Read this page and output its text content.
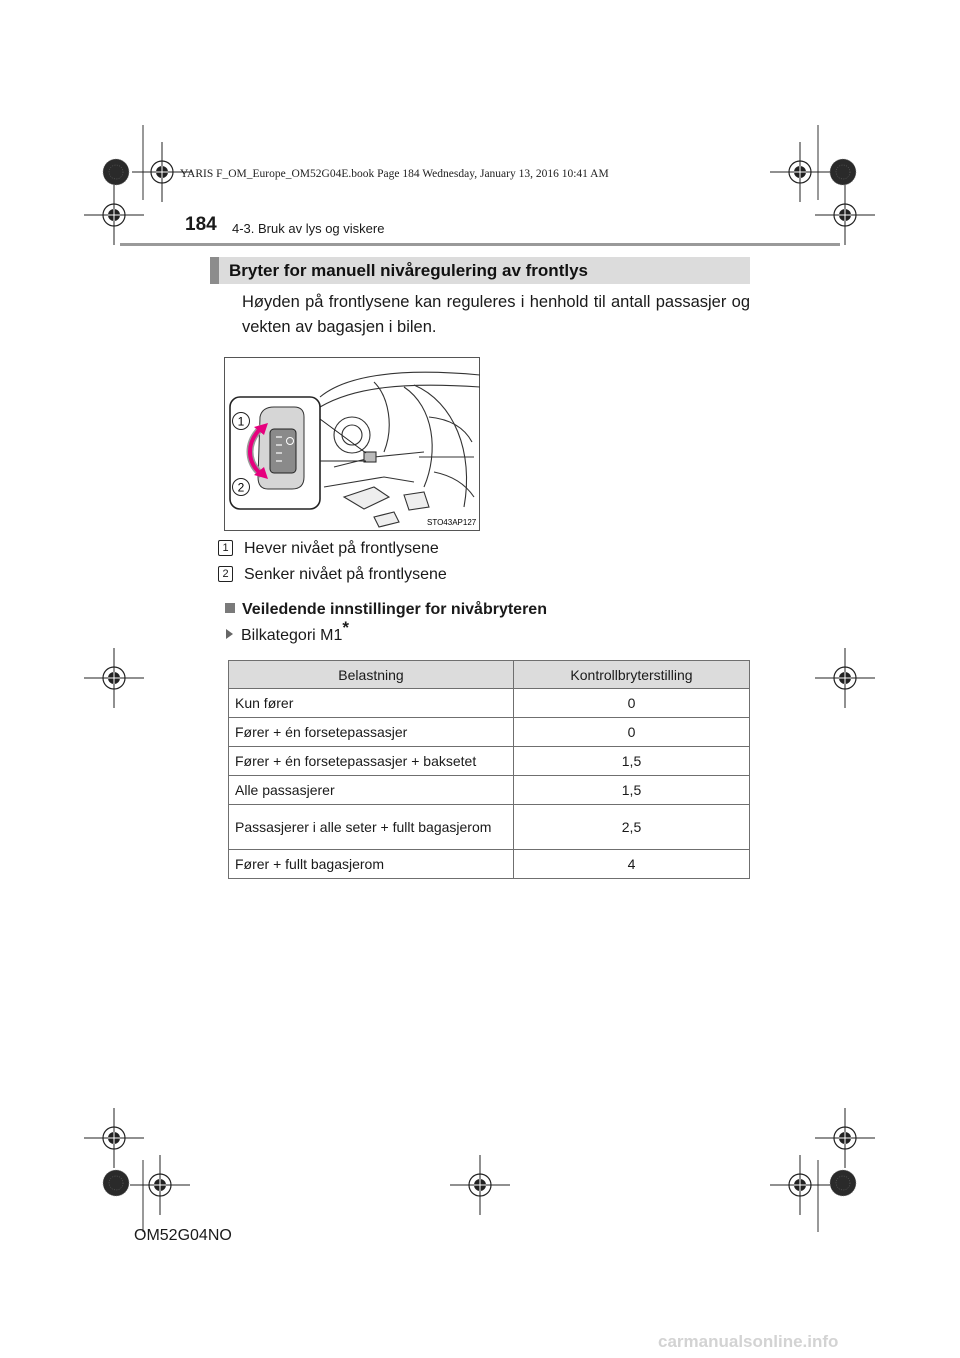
YARIS F_OM_Europe_OM52G04E.book Page 184 Wednesday, January 13, 2016 10:41 AM
184 4-3. Bruk av lys og viskere
Bryter for manuell nivåregulering av frontlys
Høyden på frontlysene kan reguleres i henhold til antall passasjer og vekten av bagasjen i bilen.
1
2
STO43AP127
1 Hever nivået på frontlysene
2 Senker nivået på frontlysene
Veiledende innstillinger for nivåbryteren
Bilkategori M1*
Belastning	Kontrollbryterstilling
Kun fører	0
Fører + én forsetepassasjer	0
Fører + én forsetepassasjer + baksetet	1,5
Alle passasjerer	1,5
Passasjerer i alle seter + fullt bagasjerom	2,5
Fører + fullt bagasjerom	4
OM52G04NO
carmanualsonline.info
